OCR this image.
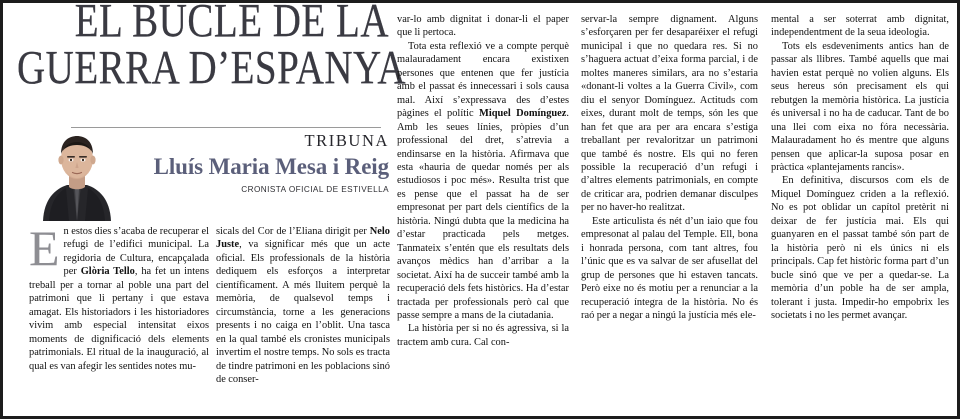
EL BUCLE DE LA
GUERRA D’ESPANYA
TRIBUNA
Lluís Maria Mesa i Reig
CRONISTA OFICIAL DE ESTIVELLA

En estos dies s’acaba de recuperar el refugi de l’edifici municipal. La regidoria de Cultura, encapçalada per Glòria Tello, ha fet un intens treball per a tornar al poble una part del patrimoni que li pertany i que estava amagat. Els historiadors i les historiadores vivim amb especial intensitat eixos moments de dignificació dels elements patrimonials. El ritual de la inauguració, al qual es van afegir les sentides notes mu-

sicals del Cor de l’Eliana dirigit per Nelo Juste, va significar més que un acte oficial. Els professionals de la història dediquem els esforços a interpretar científicament. A més lluitem perquè la memòria, de qualsevol temps i circumstància, torne a les generacions presents i no caiga en l’oblit. Una tasca en la qual també els cronistes municipals invertim el nostre temps. No sols es tracta de tindre patrimoni en les poblacions sinó de conser-

var-lo amb dignitat i donar-li el paper que li pertoca.

Tota esta reflexió ve a compte perquè malauradament encara existixen persones que entenen que fer justícia amb el passat és innecessari i sols causa mal. Així s’expressava des d’estes pàgines el polític Miquel Domínguez. Amb les seues línies, pròpies d’un professional del dret, s’atrevia a endinsarse en la història. Afirmava que esta «hauria de quedar només per als estudiosos i poc més». Resulta trist que es pense que el passat ha de ser empresonat per part dels científics de la història. Ningú dubta que la medicina ha d’estar practicada pels metges. Tanmateix s’entén que els resultats dels avanços mèdics han d’arribar a la societat. Així ha de succeir també amb la recuperació dels fets històrics. Ha d’estar tractada per professionals però cal que passe sempre a mans de la ciutadania.

La història per si no és agressiva, si la tractem amb cura. Cal con-

servar-la sempre dignament. Alguns s’esforçaren per fer desaparéixer el refugi municipal i que no quedara res. Si no s’haguera actuat d’eixa forma parcial, i de moltes maneres similars, ara no s’estaria «donant-li voltes a la Guerra Civil», com diu el senyor Domínguez. Actituds com eixes, durant molt de temps, són les que han fet que ara per ara encara s’estiga treballant per revaloritzar un patrimoni que també és nostre. Els qui no feren possible la recuperació d’un refugi i d’altres elements patrimonials, en compte de criticar ara, podrien demanar disculpes per no haver-ho realitzat.

Este articulista és nét d’un iaio que fou empresonat al palau del Temple. Ell, bona i honrada persona, com tant altres, fou l’únic que es va salvar de ser afusellat del grup de persones que hi estaven tancats. Però eixe no és motiu per a renunciar a la recuperació íntegra de la història. No és raó per a negar a ningú la justícia més ele-

mental a ser soterrat amb dignitat, independentment de la seua ideologia.

Tots els esdeveniments antics han de passar als llibres. També aquells que mai havien estat perquè no volien alguns. Els seus hereus són precisament els qui rebutgen la memòria històrica. La justícia és universal i no ha de caducar. Tant de bo una llei com eixa no fóra necessària. Malauradament ho és mentre que alguns pensen que aplicar-la suposa posar en pràctica «plantejaments rancis».

En definitiva, discursos com els de Miquel Domínguez criden a la reflexió. No es pot oblidar un capítol pretèrit ni deixar de fer justícia mai. Els qui guanyaren en el passat també són part de la història però ni els únics ni els principals. Cap fet històric forma part d’un bucle sinó que ve per a quedar-se. La memòria d’un poble ha de ser ampla, tolerant i justa. Impedir-ho empobrix les societats i no les permet avançar.
